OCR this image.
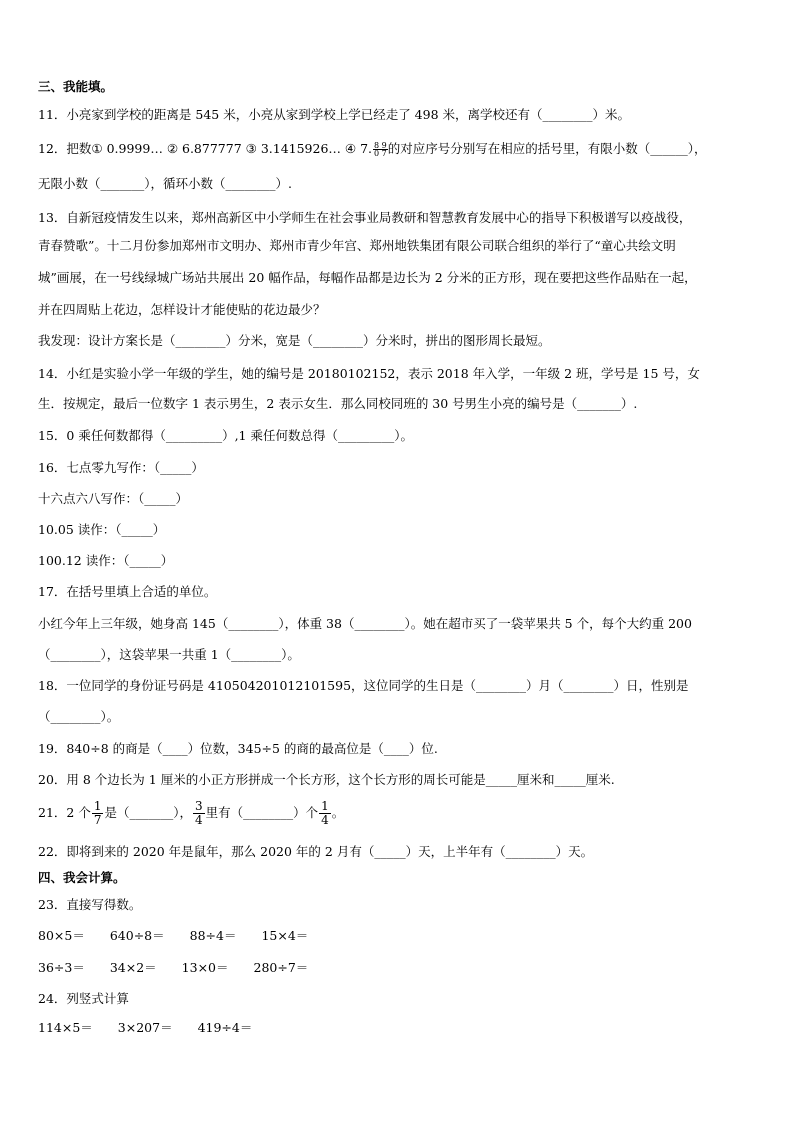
三、我能填。
11．小亮家到学校的距离是 545 米，小亮从家到学校上学已经走了 498 米，离学校还有（________）米。
12．把数① 0.9999… ② 6.877777 ③ 3.1415926… ④ 7. $\frac{8 9}{0 7}$ 的对应序号分别写在相应的括号里，有限小数（______），
无限小数（_______），循环小数（________）.
13．自新冠疫情发生以来，郑州高新区中小学师生在社会事业局教研和智慧教育发展中心的指导下积极谱写以疫战役，
青春赞歌”。十二月份参加郑州市文明办、郑州市青少年宫、郑州地铁集团有限公司联合组织的举行了“童心共绘文明
城”画展，在一号线绿城广场站共展出 20 幅作品，每幅作品都是边长为 2 分米的正方形，现在要把这些作品贴在一起，
并在四周贴上花边，怎样设计才能使贴的花边最少？
我发现：设计方案长是（________）分米，宽是（________）分米时，拼出的图形周长最短。
14．小红是实验小学一年级的学生，她的编号是 20180102152，表示 2018 年入学，一年级 2 班，学号是 15 号，女
生．按规定，最后一位数字 1 表示男生，2 表示女生．那么同校同班的 30 号男生小亮的编号是（_______）.
15．0 乘任何数都得（_________）,1 乘任何数总得（_________）。
16．七点零九写作：（_____）
十六点六八写作：（_____）
10.05 读作：（_____）
100.12 读作：（_____）
17．在括号里填上合适的单位。
小红今年上三年级，她身高 145（________），体重 38（________）。她在超市买了一袋苹果共 5 个，每个大约重 200
（________），这袋苹果一共重 1（________）。
18．一位同学的身份证号码是 410504201012101595，这位同学的生日是（________）月（________）日，性别是
（________）。
19．840÷8 的商是（____）位数，345÷5 的商的最高位是（____）位.
20．用 8 个边长为 1 厘米的小正方形拼成一个长方形，这个长方形的周长可能是_____厘米和_____厘米.
21．2 个 $\frac{1}{7}$ 是（_______）， $\frac{3}{4}$ 里有（________）个 $\frac{1}{4}$ 。
22．即将到来的 2020 年是鼠年，那么 2020 年的 2 月有（_____）天，上半年有（________）天。
四、我会计算。
23．直接写得数。
80×5＝　　640÷8＝　　88÷4＝　　15×4＝
36÷3＝　　34×2＝　　13×0＝　　280÷7＝
24．列竖式计算
114×5＝　　3×207＝　　419÷4＝
